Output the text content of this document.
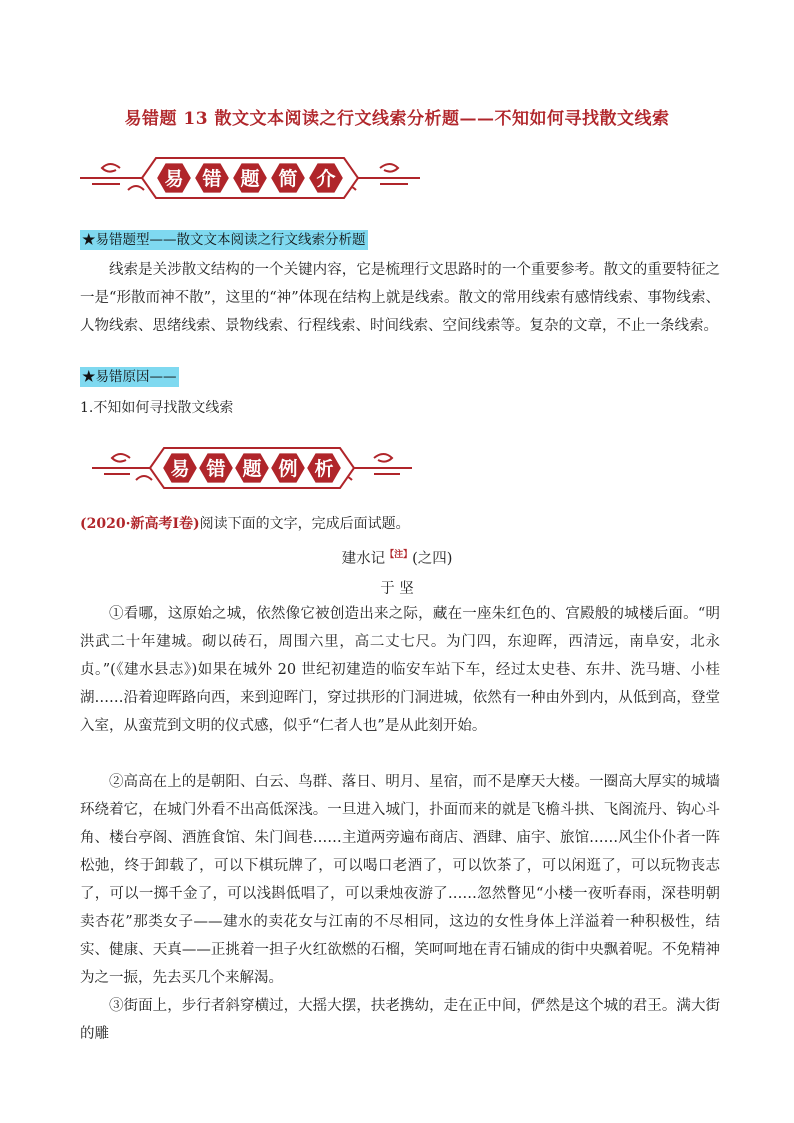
易错题 13 散文文本阅读之行文线索分析题——不知如何寻找散文线索
易 错 题 简 介
★易错题型——散文文本阅读之行文线索分析题
线索是关涉散文结构的一个关键内容，它是梳理行文思路时的一个重要参考。散文的重要特征之一是“形散而神不散”，这里的“神”体现在结构上就是线索。散文的常用线索有感情线索、事物线索、人物线索、思绪线索、景物线索、行程线索、时间线索、空间线索等。复杂的文章，不止一条线索。
★易错原因——
1.不知如何寻找散文线索
易 错 题 例 析
(2020·新高考Ⅰ卷)阅读下面的文字，完成后面试题。
建水记$^{【注】}$(之四)
于 坚
①看哪，这原始之城，依然像它被创造出来之际，藏在一座朱红色的、宫殿般的城楼后面。“明洪武二十年建城。砌以砖石，周围六里，高二丈七尺。为门四，东迎晖，西清远，南阜安，北永贞。”(《建水县志》)如果在城外 20 世纪初建造的临安车站下车，经过太史巷、东井、洗马塘、小桂湖……沿着迎晖路向西，来到迎晖门，穿过拱形的门洞进城，依然有一种由外到内，从低到高，登堂入室，从蛮荒到文明的仪式感，似乎“仁者人也”是从此刻开始。
②高高在上的是朝阳、白云、鸟群、落日、明月、星宿，而不是摩天大楼。一圈高大厚实的城墙环绕着它，在城门外看不出高低深浅。一旦进入城门，扑面而来的就是飞檐斗拱、飞阁流丹、钩心斗角、楼台亭阁、酒旌食馆、朱门闾巷……主道两旁遍布商店、酒肆、庙宇、旅馆……风尘仆仆者一阵松弛，终于卸载了，可以下棋玩牌了，可以喝口老酒了，可以饮茶了，可以闲逛了，可以玩物丧志了，可以一掷千金了，可以浅斟低唱了，可以秉烛夜游了……忽然瞥见“小楼一夜听春雨，深巷明朝卖杏花”那类女子——建水的卖花女与江南的不尽相同，这边的女性身体上洋溢着一种积极性，结实、健康、天真——正挑着一担子火红欲燃的石榴，笑呵呵地在青石铺成的街中央飘着呢。不免精神为之一振，先去买几个来解渴。
③街面上，步行者斜穿横过，大摇大摆，扶老携幼，走在正中间，俨然是这个城的君王。满大街的雕
